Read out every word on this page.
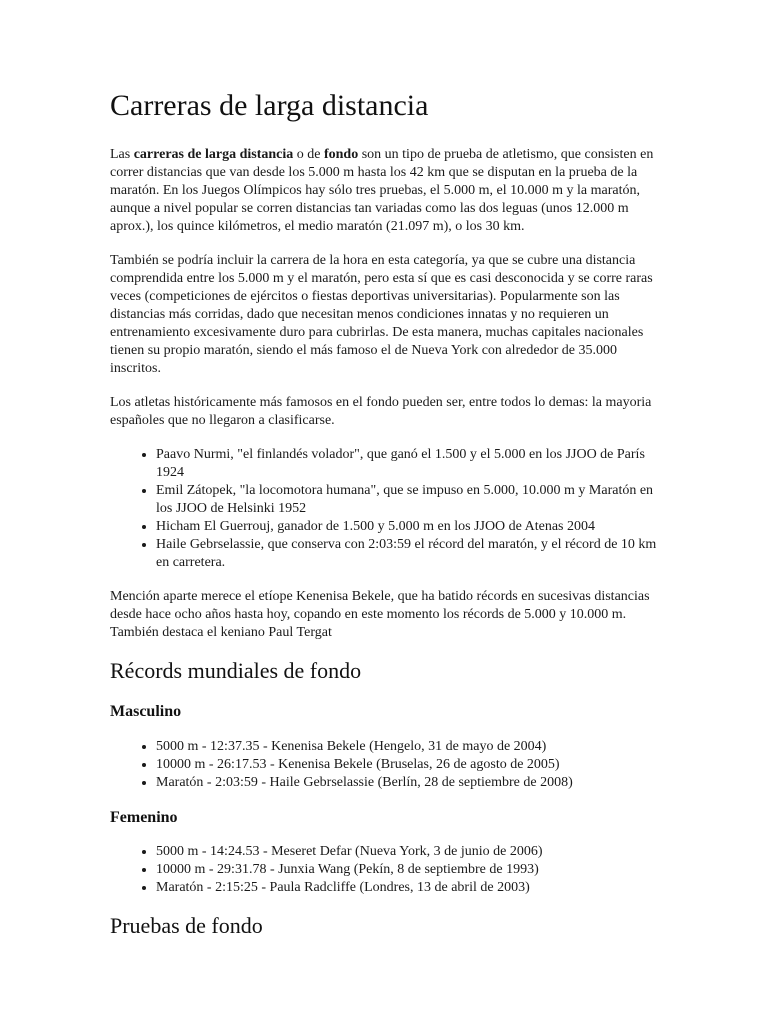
Carreras de larga distancia

Las carreras de larga distancia o de fondo son un tipo de prueba de atletismo, que consisten en correr distancias que van desde los 5.000 m hasta los 42 km que se disputan en la prueba de la maratón. En los Juegos Olímpicos hay sólo tres pruebas, el 5.000 m, el 10.000 m y la maratón, aunque a nivel popular se corren distancias tan variadas como las dos leguas (unos 12.000 m aprox.), los quince kilómetros, el medio maratón (21.097 m), o los 30 km.

También se podría incluir la carrera de la hora en esta categoría, ya que se cubre una distancia comprendida entre los 5.000 m y el maratón, pero esta sí que es casi desconocida y se corre raras veces (competiciones de ejércitos o fiestas deportivas universitarias). Popularmente son las distancias más corridas, dado que necesitan menos condiciones innatas y no requieren un entrenamiento excesivamente duro para cubrirlas. De esta manera, muchas capitales nacionales tienen su propio maratón, siendo el más famoso el de Nueva York con alrededor de 35.000 inscritos.

Los atletas históricamente más famosos en el fondo pueden ser, entre todos lo demas: la mayoria españoles que no llegaron a clasificarse.

• Paavo Nurmi, "el finlandés volador", que ganó el 1.500 y el 5.000 en los JJOO de París 1924
• Emil Zátopek, "la locomotora humana", que se impuso en 5.000, 10.000 m y Maratón en los JJOO de Helsinki 1952
• Hicham El Guerrouj, ganador de 1.500 y 5.000 m en los JJOO de Atenas 2004
• Haile Gebrselassie, que conserva con 2:03:59 el récord del maratón, y el récord de 10 km en carretera.

Mención aparte merece el etíope Kenenisa Bekele, que ha batido récords en sucesivas distancias desde hace ocho años hasta hoy, copando en este momento los récords de 5.000 y 10.000 m. También destaca el keniano Paul Tergat

Récords mundiales de fondo
Masculino
• 5000 m - 12:37.35 - Kenenisa Bekele (Hengelo, 31 de mayo de 2004)
• 10000 m - 26:17.53 - Kenenisa Bekele (Bruselas, 26 de agosto de 2005)
• Maratón - 2:03:59 - Haile Gebrselassie (Berlín, 28 de septiembre de 2008)
Femenino
• 5000 m - 14:24.53 - Meseret Defar (Nueva York, 3 de junio de 2006)
• 10000 m - 29:31.78 - Junxia Wang (Pekín, 8 de septiembre de 1993)
• Maratón - 2:15:25 - Paula Radcliffe (Londres, 13 de abril de 2003)
Pruebas de fondo
